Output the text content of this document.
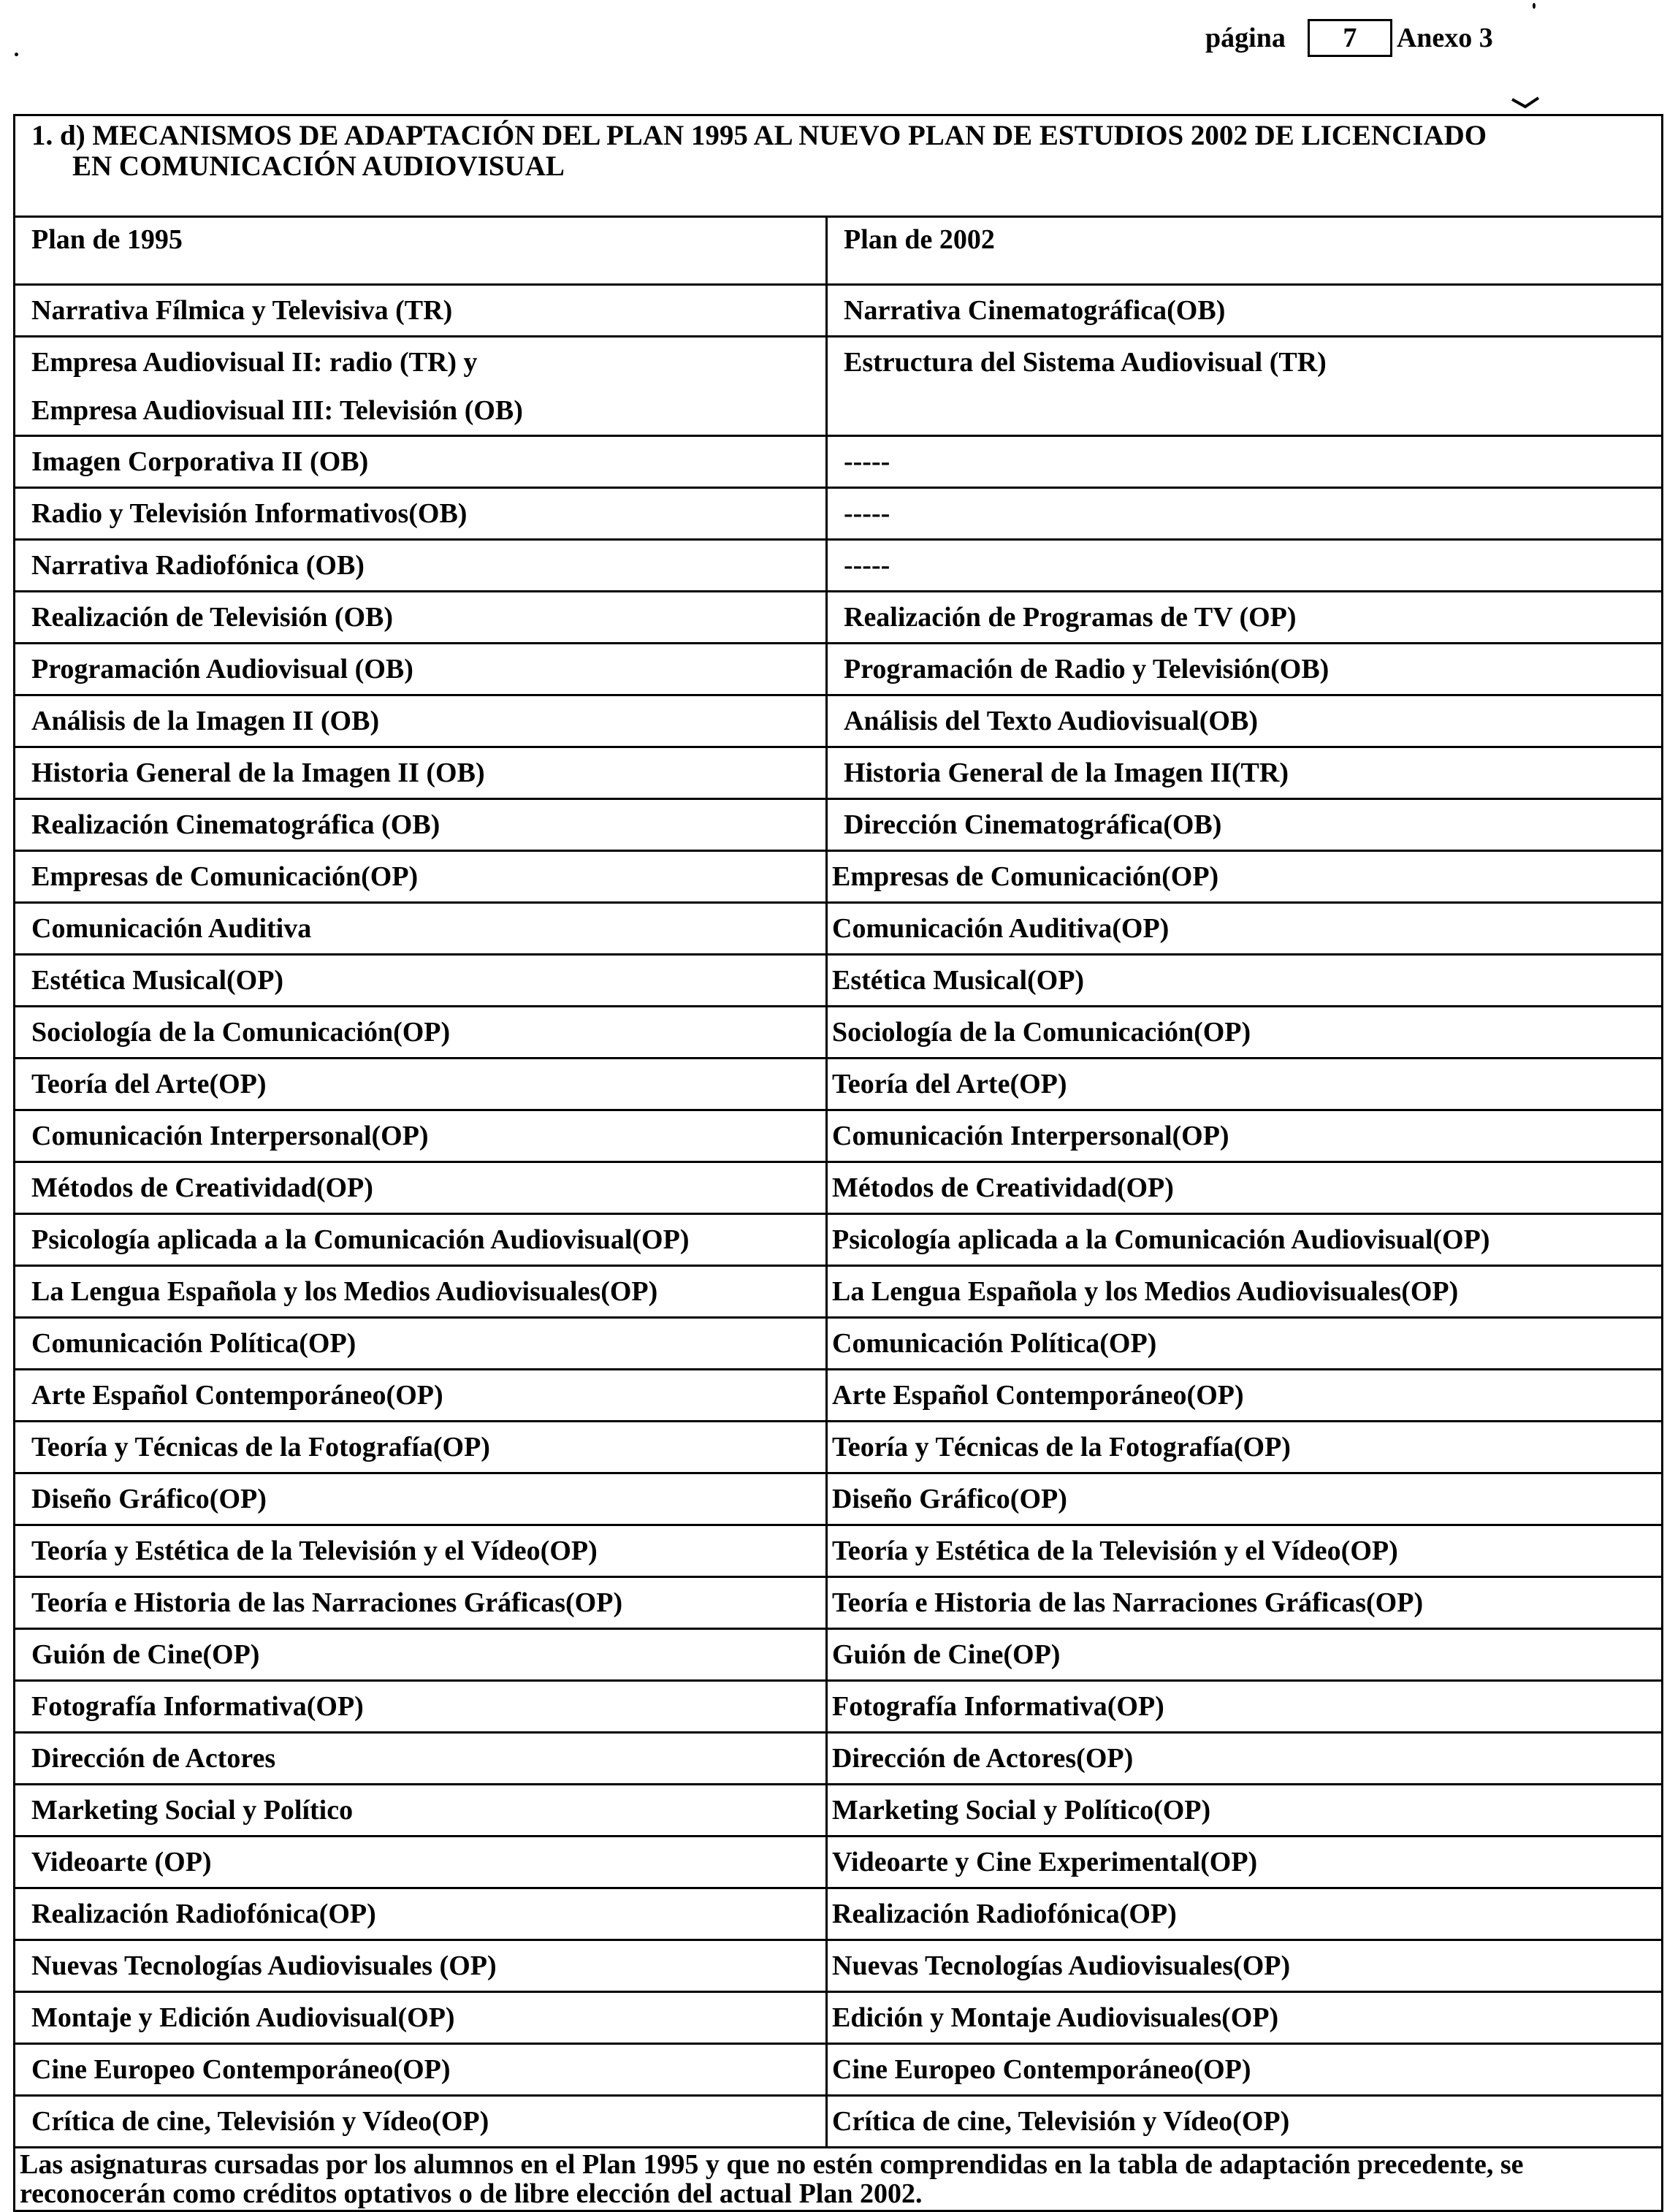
página	7	Anexo 3
1. d) MECANISMOS DE ADAPTACIÓN DEL PLAN 1995 AL NUEVO PLAN DE ESTUDIOS 2002 DE LICENCIADO
EN COMUNICACIÓN AUDIOVISUAL	
Plan de 1995	Plan de 2002
Narrativa Fílmica y Televisiva (TR)	Narrativa Cinematográfica(OB)

Empresa Audiovisual II: radio (TR) y
Empresa Audiovisual III: Televisión (OB)	Estructura del Sistema Audiovisual (TR)
Imagen Corporativa II (OB)	-----
Radio y Televisión Informativos(OB)	-----
Narrativa Radiofónica (OB)	-----
Realización de Televisión (OB)	Realización de Programas de TV (OP)
Programación Audiovisual (OB)	Programación de Radio y Televisión(OB)
Análisis de la Imagen II (OB)	Análisis del Texto Audiovisual(OB)
Historia General de la Imagen II (OB)	Historia General de la Imagen II(TR)
Realización Cinematográfica (OB)	Dirección Cinematográfica(OB)
Empresas de Comunicación(OP)	Empresas de Comunicación(OP)
Comunicación Auditiva	Comunicación Auditiva(OP)
Estética Musical(OP)	Estética Musical(OP)
Sociología de la Comunicación(OP)	Sociología de la Comunicación(OP)
Teoría del Arte(OP)	Teoría del Arte(OP)
Comunicación Interpersonal(OP)	Comunicación Interpersonal(OP)
Métodos de Creatividad(OP)	Métodos de Creatividad(OP)
Psicología aplicada a la Comunicación Audiovisual(OP)	Psicología aplicada a la Comunicación Audiovisual(OP)
La Lengua Española y los Medios Audiovisuales(OP)	La Lengua Española y los Medios Audiovisuales(OP)
Comunicación Política(OP)	Comunicación Política(OP)
Arte Español Contemporáneo(OP)	Arte Español Contemporáneo(OP)
Teoría y Técnicas de la Fotografía(OP)	Teoría y Técnicas de la Fotografía(OP)
Diseño Gráfico(OP)	Diseño Gráfico(OP)
Teoría y Estética de la Televisión y el Vídeo(OP)	Teoría y Estética de la Televisión y el Vídeo(OP)
Teoría e Historia de las Narraciones Gráficas(OP)	Teoría e Historia de las Narraciones Gráficas(OP)
Guión de Cine(OP)	Guión de Cine(OP)
Fotografía Informativa(OP)	Fotografía Informativa(OP)
Dirección de Actores	Dirección de Actores(OP)
Marketing Social y Político	Marketing Social y Político(OP)
Videoarte (OP)	Videoarte y Cine Experimental(OP)
Realización Radiofónica(OP)	Realización Radiofónica(OP)
Nuevas Tecnologías Audiovisuales (OP)	Nuevas Tecnologías Audiovisuales(OP)
Montaje y Edición Audiovisual(OP)	Edición y Montaje Audiovisuales(OP)
Cine Europeo Contemporáneo(OP)	Cine Europeo Contemporáneo(OP)
Crítica de cine, Televisión y Vídeo(OP)	Crítica de cine, Televisión y Vídeo(OP)
Las asignaturas cursadas por los alumnos en el Plan 1995 y que no estén comprendidas en la tabla de adaptación precedente, se reconocerán como créditos optativos o de libre elección del actual Plan 2002.	
